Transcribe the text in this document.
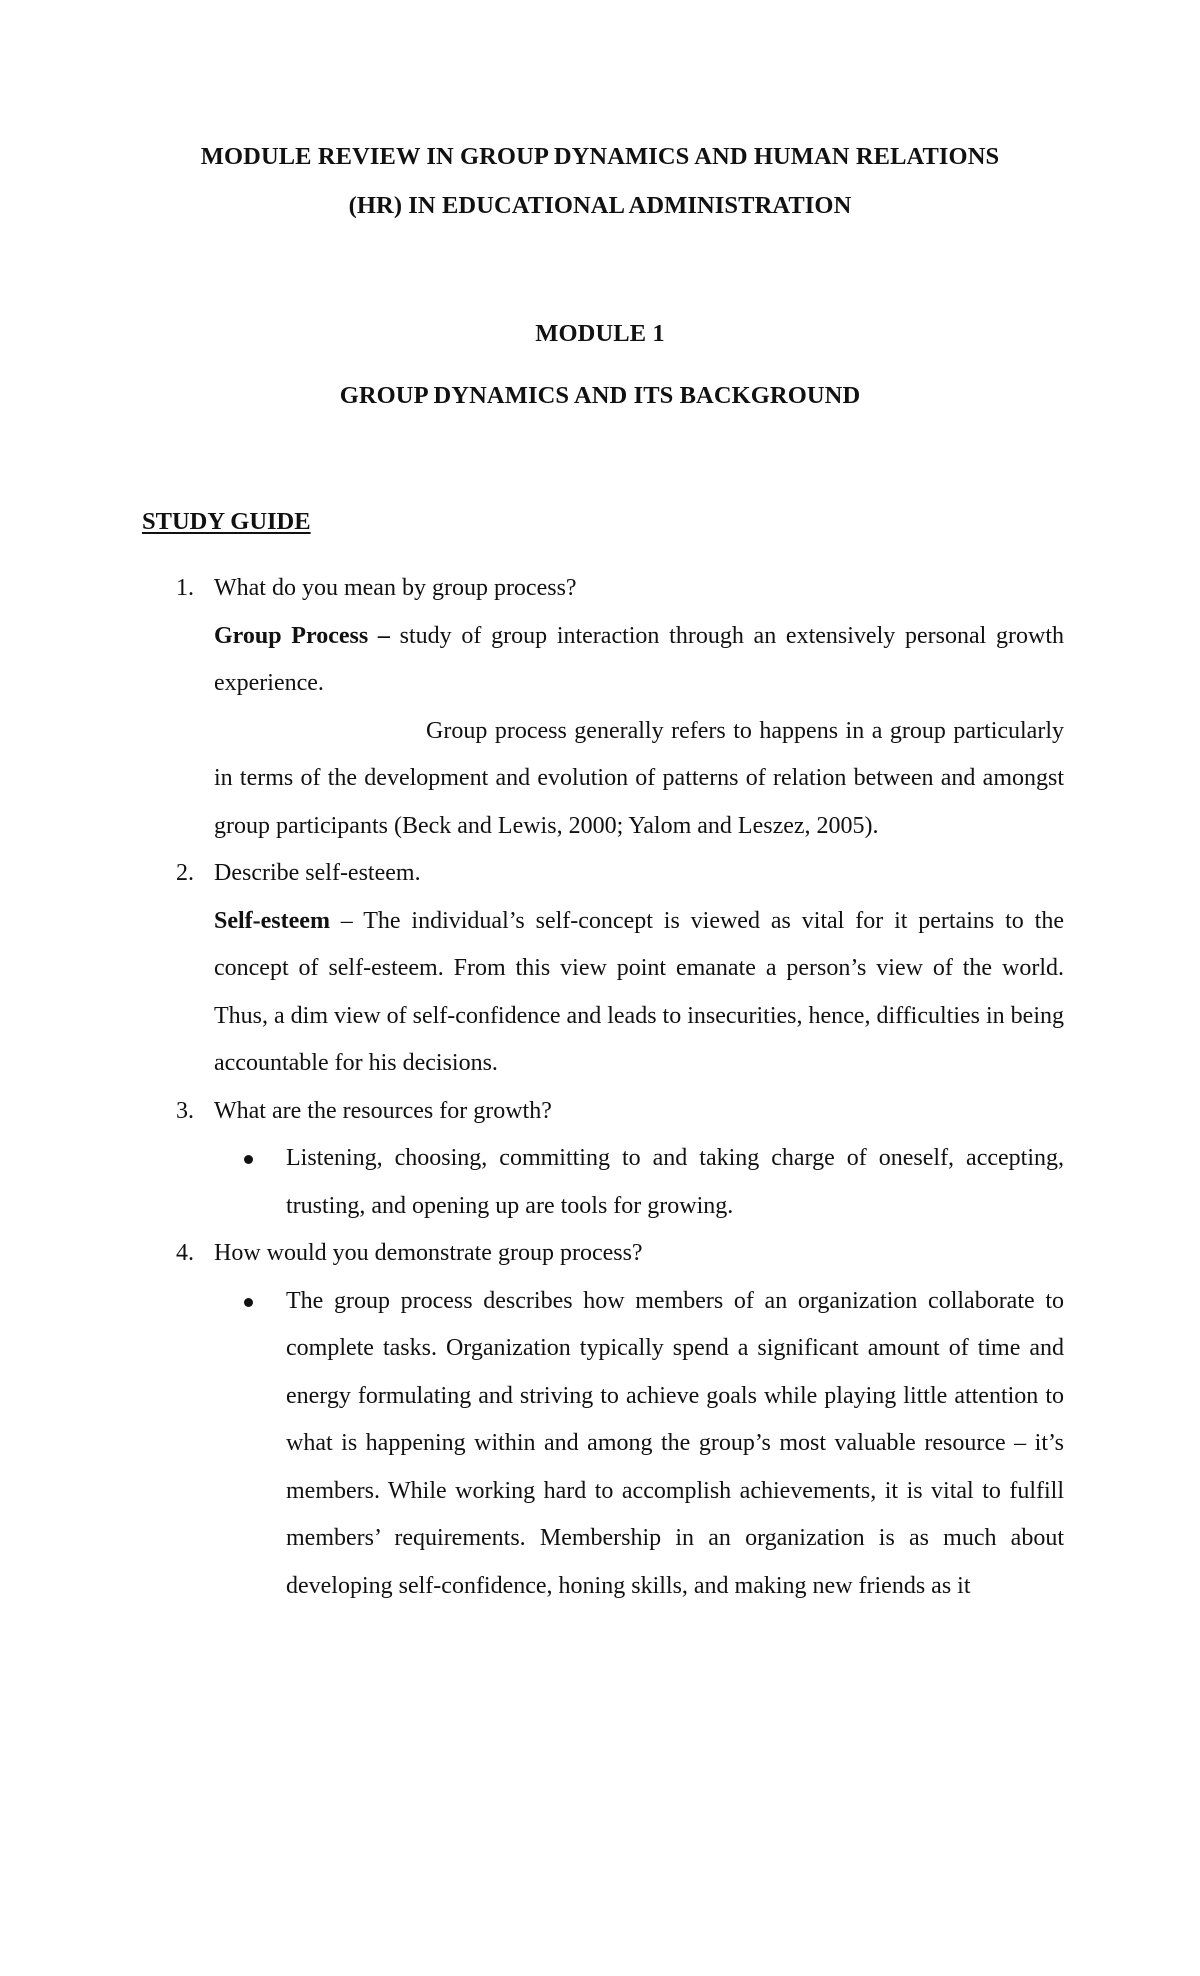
MODULE REVIEW IN GROUP DYNAMICS AND HUMAN RELATIONS
(HR) IN EDUCATIONAL ADMINISTRATION
MODULE 1
GROUP DYNAMICS AND ITS BACKGROUND
STUDY GUIDE
1. What do you mean by group process?

Group Process – study of group interaction through an extensively personal growth experience.

Group process generally refers to happens in a group particularly in terms of the development and evolution of patterns of relation between and amongst group participants (Beck and Lewis, 2000; Yalom and Leszez, 2005).

2. Describe self-esteem.

Self-esteem – The individual’s self-concept is viewed as vital for it pertains to the concept of self-esteem. From this view point emanate a person’s view of the world. Thus, a dim view of self-confidence and leads to insecurities, hence, difficulties in being accountable for his decisions.

3. What are the resources for growth?
Listening, choosing, committing to and taking charge of oneself, accepting, trusting, and opening up are tools for growing.
4. How would you demonstrate group process?
The group process describes how members of an organization collaborate to complete tasks. Organization typically spend a significant amount of time and energy formulating and striving to achieve goals while playing little attention to what is happening within and among the group’s most valuable resource – it’s members. While working hard to accomplish achievements, it is vital to fulfill members’ requirements. Membership in an organization is as much about developing self-confidence, honing skills, and making new friends as it
